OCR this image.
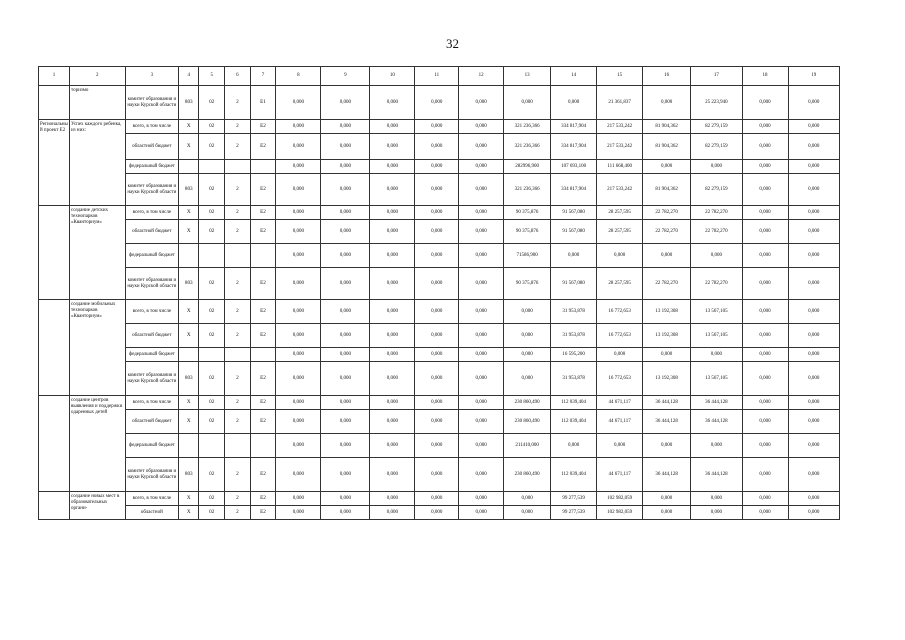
32
1	2	3	4	5	6	7	8	9	10	11	12	13	14	15	16	17	18	19
	торизмо	комитет образования и науки Курской области	803	02	2	E1	0,000	0,000	0,000	0,000	0,000	0,000	0,000	21 361,837	0,000	25 223,940	0,000	0,000
Региональный проект Е2	Успех каждого ребенка, из них:	всего, в том числе	X	02	2	E2	0,000	0,000	0,000	0,000	0,000	321 236,366	334 817,904	217 533,242	81 904,362	82 279,159	0,000	0,000
		областной бюджет	X	02	2	E2	0,000	0,000	0,000	0,000	0,000	321 236,366	334 817,904	217 533,242	81 904,362	82 279,159	0,000	0,000
		федеральный бюджет					0,000	0,000	0,000	0,000	0,000	282996,900	107 693,100	111 668,400	0,000	0,000	0,000	0,000
		комитет образования и науки Курской области	803	02	2	E2	0,000	0,000	0,000	0,000	0,000	321 236,366	334 817,904	217 533,242	81 904,362	82 279,159	0,000	0,000
	создание детских технопарков «Кванториум»	всего, в том числе	X	02	2	E2	0,000	0,000	0,000	0,000	0,000	90 375,876	91 567,080	28 257,595	22 782,270	22 782,270	0,000	0,000
		областной бюджет	X	02	2	E2	0,000	0,000	0,000	0,000	0,000	90 375,876	91 567,080	28 257,595	22 782,270	22 782,270	0,000	0,000
		федеральный бюджет					0,000	0,000	0,000	0,000	0,000	71586,900	0,000	0,000	0,000	0,000	0,000	0,000
		комитет образования и науки Курской области	803	02	2	E2	0,000	0,000	0,000	0,000	0,000	90 375,876	91 567,080	28 257,595	22 782,270	22 782,270	0,000	0,000
	создание мобильных технопарков «Кванториум»	всего, в том числе	X	02	2	E2	0,000	0,000	0,000	0,000	0,000	0,000	31 953,878	16 772,653	13 192,308	13 567,105	0,000	0,000
		областной бюджет	X	02	2	E2	0,000	0,000	0,000	0,000	0,000	0,000	31 953,878	16 772,653	13 192,308	13 567,105	0,000	0,000
		федеральный бюджет					0,000	0,000	0,000	0,000	0,000	0,000	16 595,200	0,000	0,000	0,000	0,000	0,000
		комитет образования и науки Курской области	803	02	2	E2	0,000	0,000	0,000	0,000	0,000	0,000	31 953,878	16 772,653	13 192,308	13 567,105	0,000	0,000
	создание центров выявления и поддержки одаренных детей	всего, в том числе	X	02	2	E2	0,000	0,000	0,000	0,000	0,000	230 860,490	112 039,404	44 671,117	36 444,128	36 444,128	0,000	0,000
		областной бюджет	X	02	2	E2	0,000	0,000	0,000	0,000	0,000	230 860,490	112 039,404	44 671,117	36 444,128	36 444,128	0,000	0,000
		федеральный бюджет					0,000	0,000	0,000	0,000	0,000	211410,000	0,000	0,000	0,000	0,000	0,000	0,000
		комитет образования и науки Курской области	803	02	2	E2	0,000	0,000	0,000	0,000	0,000	230 860,490	112 039,404	44 671,117	36 444,128	36 444,128	0,000	0,000
	создание новых мест в образовательных органи-	всего, в том числе	X	02	2	E2	0,000	0,000	0,000	0,000	0,000	0,000	99 277,539	102 982,059	0,000	0,000	0,000	0,000
		областной	X	02	2	E2	0,000	0,000	0,000	0,000	0,000	0,000	99 277,539	102 982,059	0,000	0,000	0,000	0,000
